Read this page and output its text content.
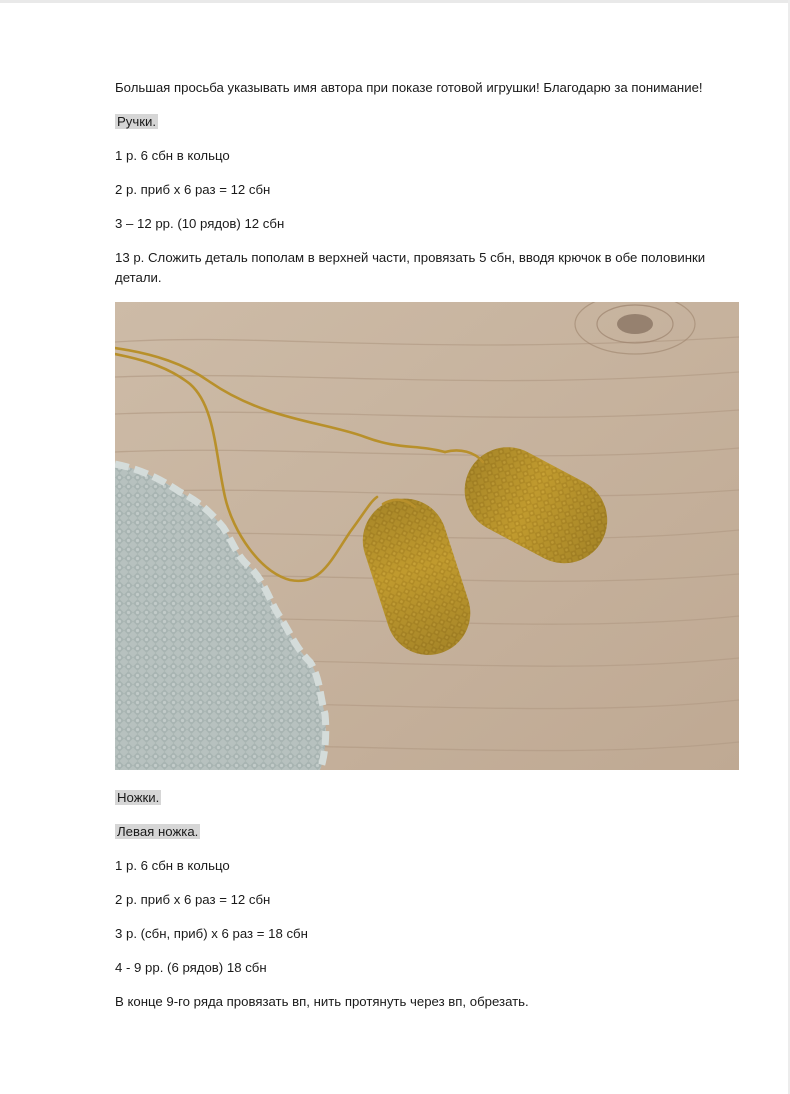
Большая просьба указывать имя автора при показе готовой игрушки! Благодарю за понимание!

Ручки.

1 р. 6 сбн в кольцо

2 р. приб х 6 раз = 12 сбн

3 – 12 рр. (10 рядов) 12 сбн

13 р. Сложить деталь пополам в верхней части, провязать 5 сбн, вводя крючок в обе половинки детали.

Ножки.

Левая ножка.

1 р. 6 сбн в кольцо

2 р. приб х 6 раз = 12 сбн

3 р. (сбн, приб) х 6 раз = 18 сбн

4 - 9 рр. (6 рядов) 18 сбн

В конце 9-го ряда провязать вп, нить протянуть через вп, обрезать.
